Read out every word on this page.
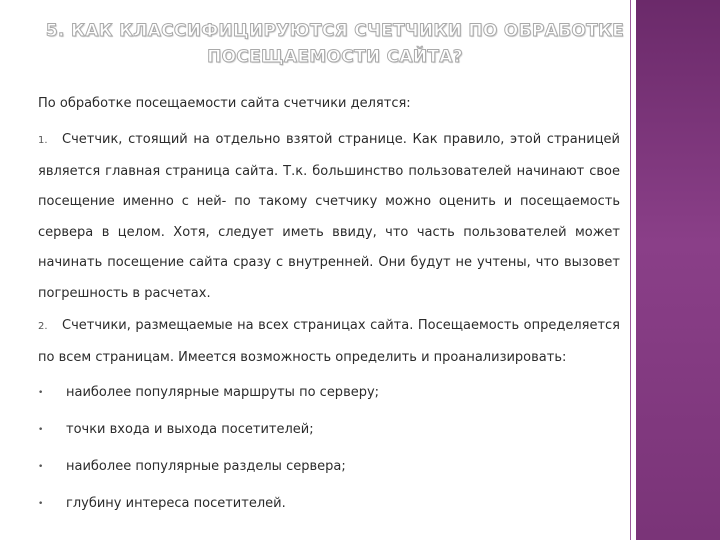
5. КАК КЛАССИФИЦИРУЮТСЯ СЧЕТЧИКИ ПО ОБРАБОТКЕ
ПОСЕЩАЕМОСТИ САЙТА?

По обработке посещаемости сайта счетчики делятся:

1. Счетчик, стоящий на отдельно взятой странице. Как правило, этой страницей является главная страница сайта. Т.к. большинство пользователей начинают свое посещение именно с ней- по такому счетчику можно оценить и посещаемость сервера в целом. Хотя, следует иметь ввиду, что часть пользователей может начинать посещение сайта сразу с внутренней. Они будут не учтены, что вызовет погрешность в расчетах.

2. Счетчики, размещаемые на всех страницах сайта. Посещаемость определяется по всем страницам. Имеется возможность определить и проанализировать:

• наиболее популярные маршруты по серверу;
• точки входа и выхода посетителей;
• наиболее популярные разделы сервера;
• глубину интереса посетителей.
